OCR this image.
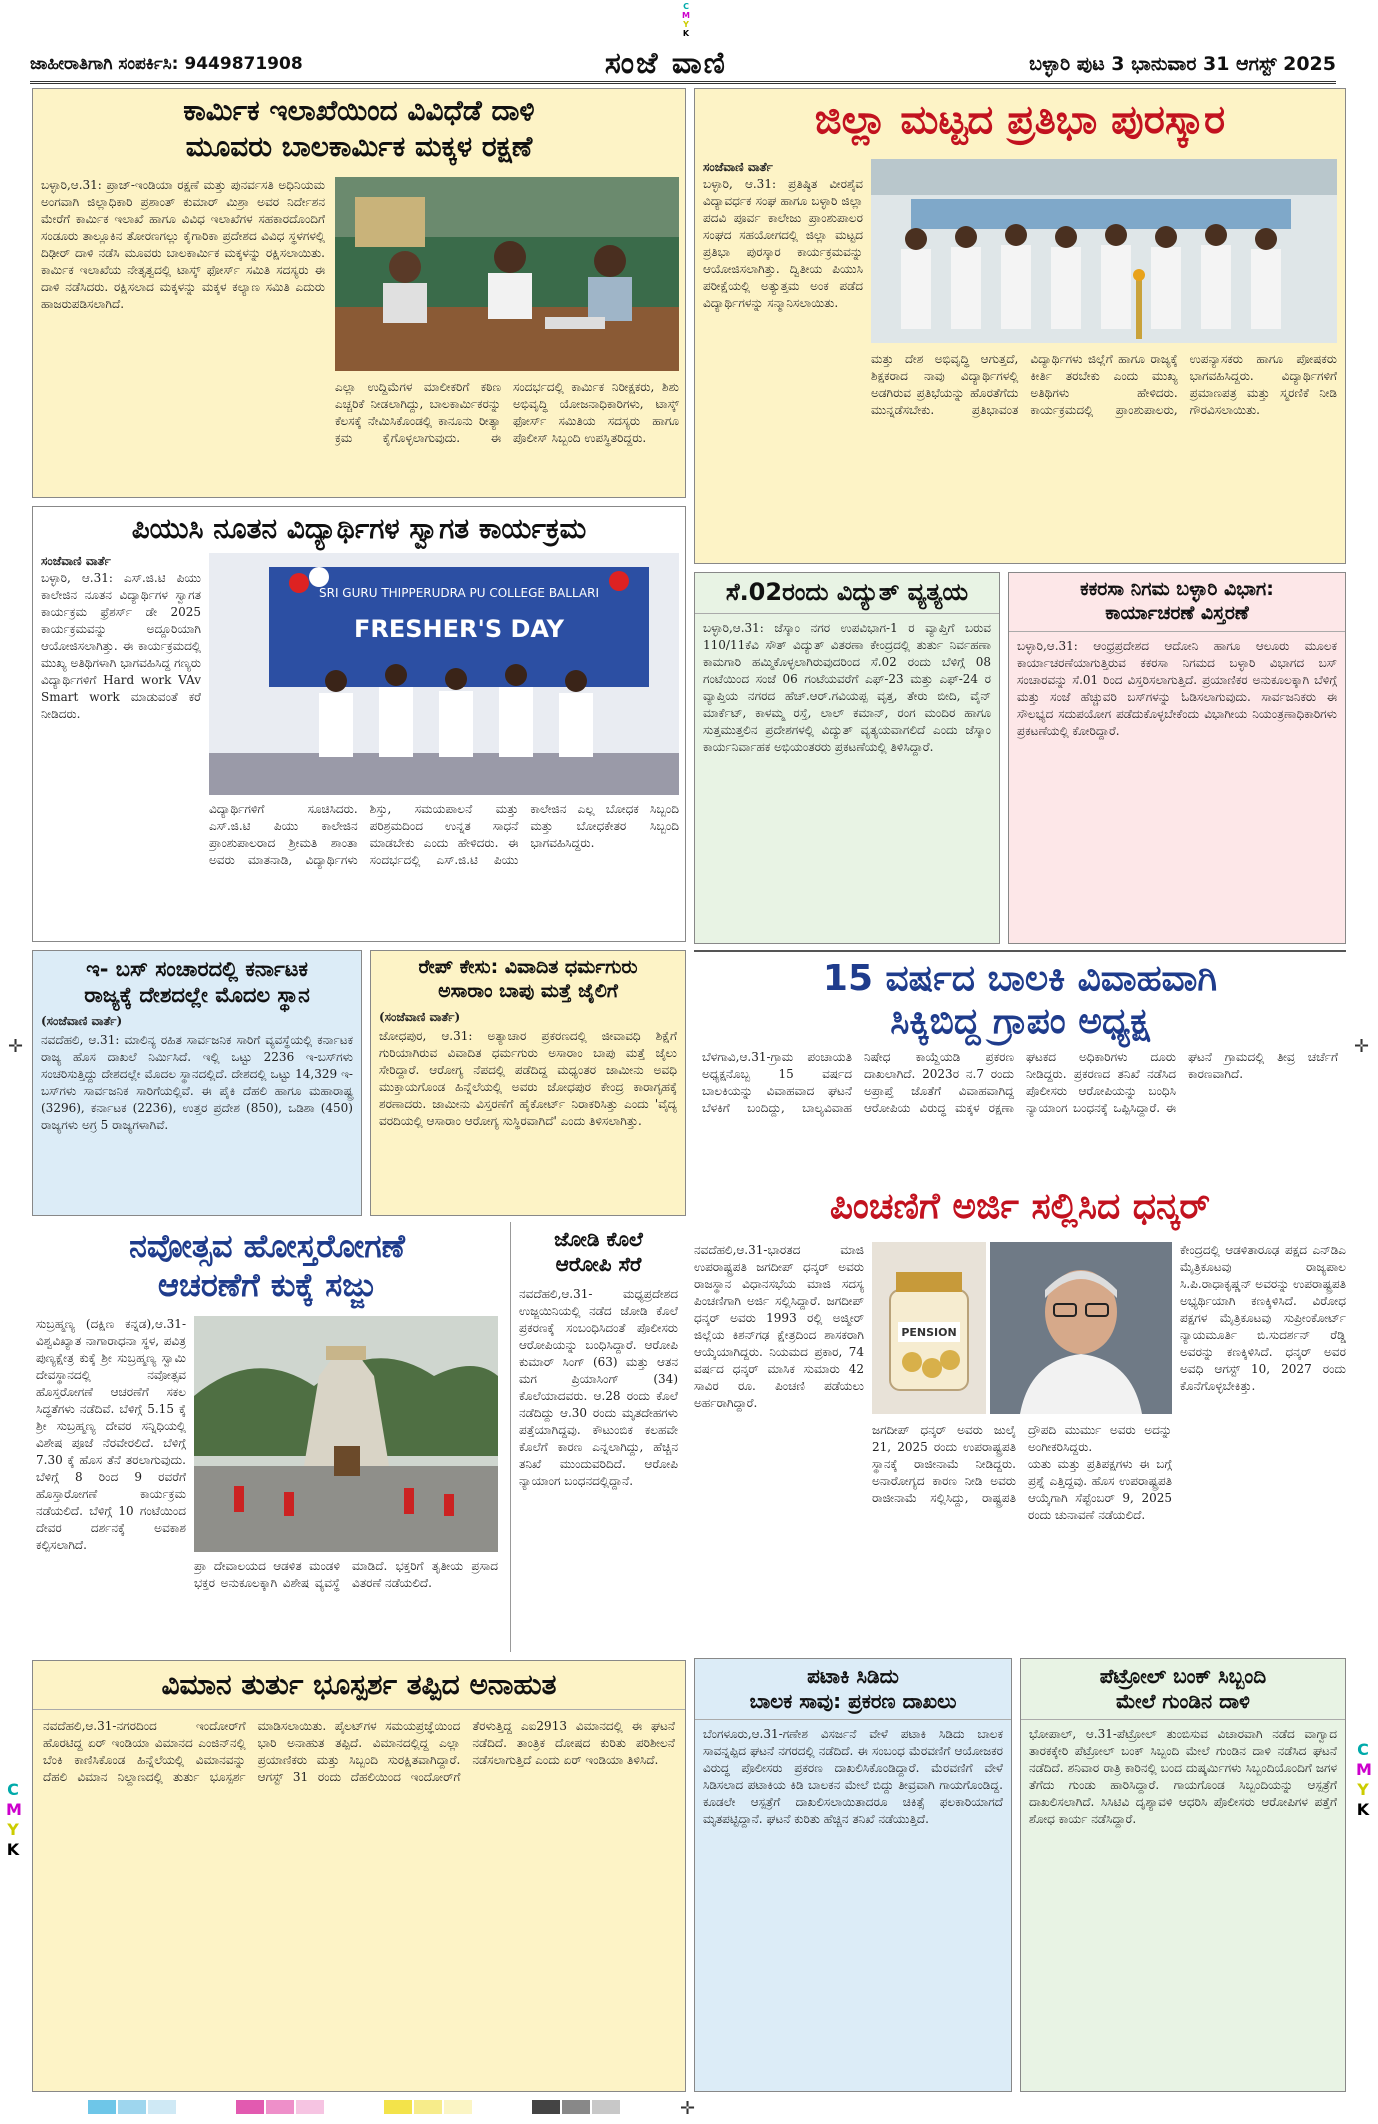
C
M
Y
K
C
M
Y
K
C
M
Y
K
✛	✛
✛
ಜಾಹೀರಾತಿಗಾಗಿ ಸಂಪರ್ಕಿಸಿ: 9449871908	ಸಂಜೆ ವಾಣಿ	ಬಳ್ಳಾರಿ ಪುಟ 3 ಭಾನುವಾರ 31 ಆಗಸ್ಟ್ 2025
ಕಾರ್ಮಿಕ ಇಲಾಖೆಯಿಂದ ವಿವಿಧೆಡೆ ದಾಳಿ
ಮೂವರು ಬಾಲಕಾರ್ಮಿಕ ಮಕ್ಕಳ ರಕ್ಷಣೆ
ಬಳ್ಳಾರಿ,ಆ.31: ಪ್ರಾಜ್-ಇಂಡಿಯಾ ರಕ್ಷಣೆ ಮತ್ತು ಪುನರ್ವಸತಿ ಅಧಿನಿಯಮ ಅಂಗವಾಗಿ ಜಿಲ್ಲಾಧಿಕಾರಿ ಪ್ರಶಾಂತ್ ಕುಮಾರ್ ಮಿಶ್ರಾ ಅವರ ನಿರ್ದೇಶನ ಮೇರೆಗೆ ಕಾರ್ಮಿಕ ಇಲಾಖೆ ಹಾಗೂ ವಿವಿಧ ಇಲಾಖೆಗಳ ಸಹಕಾರದೊಂದಿಗೆ ಸಂಡೂರು ತಾಲ್ಲೂಕಿನ ತೋರಣಗಲ್ಲು ಕೈಗಾರಿಕಾ ಪ್ರದೇಶದ ವಿವಿಧ ಸ್ಥಳಗಳಲ್ಲಿ ದಿಢೀರ್ ದಾಳಿ ನಡೆಸಿ ಮೂವರು ಬಾಲಕಾರ್ಮಿಕ ಮಕ್ಕಳನ್ನು ರಕ್ಷಿಸಲಾಯಿತು. ಕಾರ್ಮಿಕ ಇಲಾಖೆಯ ನೇತೃತ್ವದಲ್ಲಿ ಟಾಸ್ಕ್ ಫೋರ್ಸ್ ಸಮಿತಿ ಸದಸ್ಯರು ಈ ದಾಳಿ ನಡೆಸಿದರು. ರಕ್ಷಿಸಲಾದ ಮಕ್ಕಳನ್ನು ಮಕ್ಕಳ ಕಲ್ಯಾಣ ಸಮಿತಿ ಎದುರು ಹಾಜರುಪಡಿಸಲಾಗಿದೆ.
ಎಲ್ಲಾ ಉದ್ದಿಮೆಗಳ ಮಾಲೀಕರಿಗೆ ಕಠಿಣ ಎಚ್ಚರಿಕೆ ನೀಡಲಾಗಿದ್ದು, ಬಾಲಕಾರ್ಮಿಕರನ್ನು ಕೆಲಸಕ್ಕೆ ನೇಮಿಸಿಕೊಂಡಲ್ಲಿ ಕಾನೂನು ರೀತ್ಯಾ ಕ್ರಮ ಕೈಗೊಳ್ಳಲಾಗುವುದು. ಈ ಸಂದರ್ಭದಲ್ಲಿ ಕಾರ್ಮಿಕ ನಿರೀಕ್ಷಕರು, ಶಿಶು ಅಭಿವೃದ್ಧಿ ಯೋಜನಾಧಿಕಾರಿಗಳು, ಟಾಸ್ಕ್ ಫೋರ್ಸ್ ಸಮಿತಿಯ ಸದಸ್ಯರು ಹಾಗೂ ಪೊಲೀಸ್ ಸಿಬ್ಬಂದಿ ಉಪಸ್ಥಿತರಿದ್ದರು.
ಜಿಲ್ಲಾ ಮಟ್ಟದ ಪ್ರತಿಭಾ ಪುರಸ್ಕಾರ
ಸಂಜೆವಾಣಿ ವಾರ್ತೆ
ಬಳ್ಳಾರಿ, ಆ.31: ಪ್ರತಿಷ್ಠಿತ ವೀರಶೈವ ವಿದ್ಯಾವರ್ಧಕ ಸಂಘ ಹಾಗೂ ಬಳ್ಳಾರಿ ಜಿಲ್ಲಾ ಪದವಿ ಪೂರ್ವ ಕಾಲೇಜು ಪ್ರಾಂಶುಪಾಲರ ಸಂಘದ ಸಹಯೋಗದಲ್ಲಿ ಜಿಲ್ಲಾ ಮಟ್ಟದ ಪ್ರತಿಭಾ ಪುರಸ್ಕಾರ ಕಾರ್ಯಕ್ರಮವನ್ನು ಆಯೋಜಿಸಲಾಗಿತ್ತು. ದ್ವಿತೀಯ ಪಿಯುಸಿ ಪರೀಕ್ಷೆಯಲ್ಲಿ ಅತ್ಯುತ್ತಮ ಅಂಕ ಪಡೆದ ವಿದ್ಯಾರ್ಥಿಗಳನ್ನು ಸನ್ಮಾನಿಸಲಾಯಿತು.
ಮತ್ತು ದೇಶ ಅಭಿವೃದ್ಧಿ ಆಗುತ್ತದೆ, ಶಿಕ್ಷಕರಾದ ನಾವು ವಿದ್ಯಾರ್ಥಿಗಳಲ್ಲಿ ಅಡಗಿರುವ ಪ್ರತಿಭೆಯನ್ನು ಹೊರತೆಗೆದು ಮುನ್ನಡೆಸಬೇಕು. ಪ್ರತಿಭಾವಂತ ವಿದ್ಯಾರ್ಥಿಗಳು ಜಿಲ್ಲೆಗೆ ಹಾಗೂ ರಾಜ್ಯಕ್ಕೆ ಕೀರ್ತಿ ತರಬೇಕು ಎಂದು ಮುಖ್ಯ ಅತಿಥಿಗಳು ಹೇಳಿದರು. ಕಾರ್ಯಕ್ರಮದಲ್ಲಿ ಪ್ರಾಂಶುಪಾಲರು, ಉಪನ್ಯಾಸಕರು ಹಾಗೂ ಪೋಷಕರು ಭಾಗವಹಿಸಿದ್ದರು. ವಿದ್ಯಾರ್ಥಿಗಳಿಗೆ ಪ್ರಮಾಣಪತ್ರ ಮತ್ತು ಸ್ಮರಣಿಕೆ ನೀಡಿ ಗೌರವಿಸಲಾಯಿತು.
ಪಿಯುಸಿ ನೂತನ ವಿದ್ಯಾರ್ಥಿಗಳ ಸ್ವಾಗತ ಕಾರ್ಯಕ್ರಮ
ಸಂಜೆವಾಣಿ ವಾರ್ತೆ
ಬಳ್ಳಾರಿ, ಆ.31: ಎಸ್.ಜಿ.ಟಿ ಪಿಯು ಕಾಲೇಜಿನ ನೂತನ ವಿದ್ಯಾರ್ಥಿಗಳ ಸ್ವಾಗತ ಕಾರ್ಯಕ್ರಮ ಫ್ರೆಶರ್ಸ್ ಡೇ 2025 ಕಾರ್ಯಕ್ರಮವನ್ನು ಅದ್ದೂರಿಯಾಗಿ ಆಯೋಜಿಸಲಾಗಿತ್ತು. ಈ ಕಾರ್ಯಕ್ರಮದಲ್ಲಿ ಮುಖ್ಯ ಅತಿಥಿಗಳಾಗಿ ಭಾಗವಹಿಸಿದ್ದ ಗಣ್ಯರು ವಿದ್ಯಾರ್ಥಿಗಳಿಗೆ Hard work VAv Smart work ಮಾಡುವಂತೆ ಕರೆ ನೀಡಿದರು.
SRI GURU THIPPERUDRA PU COLLEGE BALLARI
FRESHER'S DAY
ವಿದ್ಯಾರ್ಥಿಗಳಿಗೆ ಸೂಚಿಸಿದರು. ಎಸ್.ಜಿ.ಟಿ ಪಿಯು ಕಾಲೇಜಿನ ಪ್ರಾಂಶುಪಾಲರಾದ ಶ್ರೀಮತಿ ಶಾಂತಾ ಅವರು ಮಾತನಾಡಿ, ವಿದ್ಯಾರ್ಥಿಗಳು ಶಿಸ್ತು, ಸಮಯಪಾಲನೆ ಮತ್ತು ಪರಿಶ್ರಮದಿಂದ ಉನ್ನತ ಸಾಧನೆ ಮಾಡಬೇಕು ಎಂದು ಹೇಳಿದರು. ಈ ಸಂದರ್ಭದಲ್ಲಿ ಎಸ್.ಜಿ.ಟಿ ಪಿಯು ಕಾಲೇಜಿನ ಎಲ್ಲ ಬೋಧಕ ಸಿಬ್ಬಂದಿ ಮತ್ತು ಬೋಧಕೇತರ ಸಿಬ್ಬಂದಿ ಭಾಗವಹಿಸಿದ್ದರು.
ಸೆ.02ರಂದು ವಿದ್ಯುತ್ ವ್ಯತ್ಯಯ
ಬಳ್ಳಾರಿ,ಆ.31: ಜೆಸ್ಕಾಂ ನಗರ ಉಪವಿಭಾಗ-1 ರ ವ್ಯಾಪ್ತಿಗೆ ಬರುವ 110/11ಕೆವಿ ಸೌತ್ ವಿದ್ಯುತ್ ವಿತರಣಾ ಕೇಂದ್ರದಲ್ಲಿ ತುರ್ತು ನಿರ್ವಹಣಾ ಕಾಮಗಾರಿ ಹಮ್ಮಿಕೊಳ್ಳಲಾಗಿರುವುದರಿಂದ ಸೆ.02 ರಂದು ಬೆಳಿಗ್ಗೆ 08 ಗಂಟೆಯಿಂದ ಸಂಜೆ 06 ಗಂಟೆಯವರೆಗೆ ಎಫ್-23 ಮತ್ತು ಎಫ್-24 ರ ವ್ಯಾಪ್ತಿಯ ನಗರದ ಹೆಚ್.ಆರ್.ಗವಿಯಪ್ಪ ವೃತ್ತ, ತೇರು ಬೀದಿ, ವೈನ್ ಮಾರ್ಕೆಟ್, ಕಾಳಮ್ಮ ರಸ್ತೆ, ಲಾಲ್ ಕಮಾನ್, ರಂಗ ಮಂದಿರ ಹಾಗೂ ಸುತ್ತಮುತ್ತಲಿನ ಪ್ರದೇಶಗಳಲ್ಲಿ ವಿದ್ಯುತ್ ವ್ಯತ್ಯಯವಾಗಲಿದೆ ಎಂದು ಜೆಸ್ಕಾಂ ಕಾರ್ಯನಿರ್ವಾಹಕ ಅಭಿಯಂತರರು ಪ್ರಕಟಣೆಯಲ್ಲಿ ತಿಳಿಸಿದ್ದಾರೆ.
ಕಕರಸಾ ನಿಗಮ ಬಳ್ಳಾರಿ ವಿಭಾಗ:
ಕಾರ್ಯಾಚರಣೆ ವಿಸ್ತರಣೆ
ಬಳ್ಳಾರಿ,ಆ.31: ಆಂಧ್ರಪ್ರದೇಶದ ಆದೋನಿ ಹಾಗೂ ಆಲೂರು ಮೂಲಕ ಕಾರ್ಯಾಚರಣೆಯಾಗುತ್ತಿರುವ ಕಕರಸಾ ನಿಗಮದ ಬಳ್ಳಾರಿ ವಿಭಾಗದ ಬಸ್ ಸಂಚಾರವನ್ನು ಸೆ.01 ರಿಂದ ವಿಸ್ತರಿಸಲಾಗುತ್ತಿದೆ. ಪ್ರಯಾಣಿಕರ ಅನುಕೂಲಕ್ಕಾಗಿ ಬೆಳಿಗ್ಗೆ ಮತ್ತು ಸಂಜೆ ಹೆಚ್ಚುವರಿ ಬಸ್‌ಗಳನ್ನು ಓಡಿಸಲಾಗುವುದು. ಸಾರ್ವಜನಿಕರು ಈ ಸೌಲಭ್ಯದ ಸದುಪಯೋಗ ಪಡೆದುಕೊಳ್ಳಬೇಕೆಂದು ವಿಭಾಗೀಯ ನಿಯಂತ್ರಣಾಧಿಕಾರಿಗಳು ಪ್ರಕಟಣೆಯಲ್ಲಿ ಕೋರಿದ್ದಾರೆ.
15 ವರ್ಷದ ಬಾಲಕಿ ವಿವಾಹವಾಗಿ
ಸಿಕ್ಕಿಬಿದ್ದ ಗ್ರಾಪಂ ಅಧ್ಯಕ್ಷ
ಬೆಳಗಾವಿ,ಆ.31-ಗ್ರಾಮ ಪಂಚಾಯತಿ ಅಧ್ಯಕ್ಷನೊಬ್ಬ 15 ವರ್ಷದ ಬಾಲಕಿಯನ್ನು ವಿವಾಹವಾದ ಘಟನೆ ಬೆಳಕಿಗೆ ಬಂದಿದ್ದು, ಬಾಲ್ಯವಿವಾಹ ನಿಷೇಧ ಕಾಯ್ದೆಯಡಿ ಪ್ರಕರಣ ದಾಖಲಾಗಿದೆ. 2023ರ ನ.7 ರಂದು ಅಪ್ರಾಪ್ತೆ ಜೊತೆಗೆ ವಿವಾಹವಾಗಿದ್ದ ಆರೋಪಿಯ ವಿರುದ್ಧ ಮಕ್ಕಳ ರಕ್ಷಣಾ ಘಟಕದ ಅಧಿಕಾರಿಗಳು ದೂರು ನೀಡಿದ್ದರು. ಪ್ರಕರಣದ ತನಿಖೆ ನಡೆಸಿದ ಪೊಲೀಸರು ಆರೋಪಿಯನ್ನು ಬಂಧಿಸಿ ನ್ಯಾಯಾಂಗ ಬಂಧನಕ್ಕೆ ಒಪ್ಪಿಸಿದ್ದಾರೆ. ಈ ಘಟನೆ ಗ್ರಾಮದಲ್ಲಿ ತೀವ್ರ ಚರ್ಚೆಗೆ ಕಾರಣವಾಗಿದೆ.
ಇ- ಬಸ್ ಸಂಚಾರದಲ್ಲಿ ಕರ್ನಾಟಕ
ರಾಜ್ಯಕ್ಕೆ ದೇಶದಲ್ಲೇ ಮೊದಲ ಸ್ಥಾನ
(ಸಂಜೆವಾಣಿ ವಾರ್ತೆ)
ನವದೆಹಲಿ, ಆ.31: ಮಾಲಿನ್ಯ ರಹಿತ ಸಾರ್ವಜನಿಕ ಸಾರಿಗೆ ವ್ಯವಸ್ಥೆಯಲ್ಲಿ ಕರ್ನಾಟಕ ರಾಜ್ಯ ಹೊಸ ದಾಖಲೆ ನಿರ್ಮಿಸಿದೆ. ಇಲ್ಲಿ ಒಟ್ಟು 2236 ಇ-ಬಸ್‌ಗಳು ಸಂಚರಿಸುತ್ತಿದ್ದು ದೇಶದಲ್ಲೇ ಮೊದಲ ಸ್ಥಾನದಲ್ಲಿದೆ. ದೇಶದಲ್ಲಿ ಒಟ್ಟು 14,329 ಇ-ಬಸ್‌ಗಳು ಸಾರ್ವಜನಿಕ ಸಾರಿಗೆಯಲ್ಲಿವೆ. ಈ ಪೈಕಿ ದೆಹಲಿ ಹಾಗೂ ಮಹಾರಾಷ್ಟ್ರ (3296), ಕರ್ನಾಟಕ (2236), ಉತ್ತರ ಪ್ರದೇಶ (850), ಒಡಿಶಾ (450) ರಾಜ್ಯಗಳು ಅಗ್ರ 5 ರಾಜ್ಯಗಳಾಗಿವೆ.
ರೇಪ್ ಕೇಸು: ವಿವಾದಿತ ಧರ್ಮಗುರು
ಅಸಾರಾಂ ಬಾಪು ಮತ್ತೆ ಜೈಲಿಗೆ
(ಸಂಜೆವಾಣಿ ವಾರ್ತೆ)
ಜೋಧಪುರ, ಆ.31: ಅತ್ಯಾಚಾರ ಪ್ರಕರಣದಲ್ಲಿ ಜೀವಾವಧಿ ಶಿಕ್ಷೆಗೆ ಗುರಿಯಾಗಿರುವ ವಿವಾದಿತ ಧರ್ಮಗುರು ಅಸಾರಾಂ ಬಾಪು ಮತ್ತೆ ಜೈಲು ಸೇರಿದ್ದಾರೆ. ಆರೋಗ್ಯ ನೆಪದಲ್ಲಿ ಪಡೆದಿದ್ದ ಮಧ್ಯಂತರ ಜಾಮೀನು ಅವಧಿ ಮುಕ್ತಾಯಗೊಂಡ ಹಿನ್ನೆಲೆಯಲ್ಲಿ ಅವರು ಜೋಧಪುರ ಕೇಂದ್ರ ಕಾರಾಗೃಹಕ್ಕೆ ಶರಣಾದರು. ಜಾಮೀನು ವಿಸ್ತರಣೆಗೆ ಹೈಕೋರ್ಟ್ ನಿರಾಕರಿಸಿತ್ತು ಎಂದು 'ವೈದ್ಯ ವರದಿಯಲ್ಲಿ ಆಸಾರಾಂ ಆರೋಗ್ಯ ಸುಸ್ಥಿರವಾಗಿದೆ' ಎಂದು ತಿಳಿಸಲಾಗಿತ್ತು.
ನವೋತ್ಸವ ಹೋಸ್ತರೋಗಣೆ
ಆಚರಣೆಗೆ ಕುಕ್ಕೆ ಸಜ್ಜು
ಸುಬ್ರಹ್ಮಣ್ಯ (ದಕ್ಷಿಣ ಕನ್ನಡ),ಆ.31-ವಿಶ್ವವಿಖ್ಯಾತ ನಾಗಾರಾಧನಾ ಸ್ಥಳ, ಪವಿತ್ರ ಪುಣ್ಯಕ್ಷೇತ್ರ ಕುಕ್ಕೆ ಶ್ರೀ ಸುಬ್ರಹ್ಮಣ್ಯ ಸ್ವಾಮಿ ದೇವಸ್ಥಾನದಲ್ಲಿ ನವೋತ್ಸವ ಹೊಸ್ತರೋಗಣೆ ಆಚರಣೆಗೆ ಸಕಲ ಸಿದ್ಧತೆಗಳು ನಡೆದಿವೆ. ಬೆಳಿಗ್ಗೆ 5.15 ಕ್ಕೆ ಶ್ರೀ ಸುಬ್ರಹ್ಮಣ್ಯ ದೇವರ ಸನ್ನಿಧಿಯಲ್ಲಿ ವಿಶೇಷ ಪೂಜೆ ನೆರವೇರಲಿದೆ. ಬೆಳಿಗ್ಗೆ 7.30 ಕ್ಕೆ ಹೊಸ ತೆನೆ ತರಲಾಗುವುದು. ಬೆಳಿಗ್ಗೆ 8 ರಿಂದ 9 ರವರೆಗೆ ಹೊಸ್ತಾರೋಗಣೆ ಕಾರ್ಯಕ್ರಮ ನಡೆಯಲಿದೆ. ಬೆಳಿಗ್ಗೆ 10 ಗಂಟೆಯಿಂದ ದೇವರ ದರ್ಶನಕ್ಕೆ ಅವಕಾಶ ಕಲ್ಪಿಸಲಾಗಿದೆ.
ಪ್ರಾ ದೇವಾಲಯದ ಆಡಳಿತ ಮಂಡಳಿ ಭಕ್ತರ ಅನುಕೂಲಕ್ಕಾಗಿ ವಿಶೇಷ ವ್ಯವಸ್ಥೆ ಮಾಡಿದೆ. ಭಕ್ತರಿಗೆ ತೃತೀಯ ಪ್ರಸಾದ ವಿತರಣೆ ನಡೆಯಲಿದೆ.
ಜೋಡಿ ಕೊಲೆ
ಆರೋಪಿ ಸೆರೆ
ನವದೆಹಲಿ,ಆ.31- ಮಧ್ಯಪ್ರದೇಶದ ಉಜ್ಜಯಿನಿಯಲ್ಲಿ ನಡೆದ ಜೋಡಿ ಕೊಲೆ ಪ್ರಕರಣಕ್ಕೆ ಸಂಬಂಧಿಸಿದಂತೆ ಪೊಲೀಸರು ಆರೋಪಿಯನ್ನು ಬಂಧಿಸಿದ್ದಾರೆ. ಆರೋಪಿ ಕುಮಾರ್ ಸಿಂಗ್ (63) ಮತ್ತು ಆತನ ಮಗ ಪ್ರಿಯಾಸಿಂಗ್ (34) ಕೊಲೆಯಾದವರು. ಆ.28 ರಂದು ಕೊಲೆ ನಡೆದಿದ್ದು ಆ.30 ರಂದು ಮೃತದೇಹಗಳು ಪತ್ತೆಯಾಗಿದ್ದವು. ಕೌಟುಂಬಿಕ ಕಲಹವೇ ಕೊಲೆಗೆ ಕಾರಣ ಎನ್ನಲಾಗಿದ್ದು, ಹೆಚ್ಚಿನ ತನಿಖೆ ಮುಂದುವರಿದಿದೆ. ಆರೋಪಿ ನ್ಯಾಯಾಂಗ ಬಂಧನದಲ್ಲಿದ್ದಾನೆ.
ಪಿಂಚಣಿಗೆ ಅರ್ಜಿ ಸಲ್ಲಿಸಿದ ಧನ್ಕರ್
ನವದೆಹಲಿ,ಆ.31-ಭಾರತದ ಮಾಜಿ ಉಪರಾಷ್ಟ್ರಪತಿ ಜಗದೀಪ್ ಧನ್ಕರ್ ಅವರು ರಾಜಸ್ಥಾನ ವಿಧಾನಸಭೆಯ ಮಾಜಿ ಸದಸ್ಯ ಪಿಂಚಣಿಗಾಗಿ ಅರ್ಜಿ ಸಲ್ಲಿಸಿದ್ದಾರೆ. ಜಗದೀಪ್ ಧನ್ಕರ್ ಅವರು 1993 ರಲ್ಲಿ ಅಜ್ಮೀರ್ ಜಿಲ್ಲೆಯ ಕಿಶನ್‌ಗಢ ಕ್ಷೇತ್ರದಿಂದ ಶಾಸಕರಾಗಿ ಆಯ್ಕೆಯಾಗಿದ್ದರು. ನಿಯಮದ ಪ್ರಕಾರ, 74 ವರ್ಷದ ಧನ್ಕರ್ ಮಾಸಿಕ ಸುಮಾರು 42 ಸಾವಿರ ರೂ. ಪಿಂಚಣಿ ಪಡೆಯಲು ಅರ್ಹರಾಗಿದ್ದಾರೆ.
PENSION
ಕೇಂದ್ರದಲ್ಲಿ ಆಡಳಿತಾರೂಢ ಪಕ್ಷದ ಎನ್‌ಡಿಎ ಮೈತ್ರಿಕೂಟವು ರಾಜ್ಯಪಾಲ ಸಿ.ಪಿ.ರಾಧಾಕೃಷ್ಣನ್ ಅವರನ್ನು ಉಪರಾಷ್ಟ್ರಪತಿ ಅಭ್ಯರ್ಥಿಯಾಗಿ ಕಣಕ್ಕಿಳಿಸಿದೆ. ವಿರೋಧ ಪಕ್ಷಗಳ ಮೈತ್ರಿಕೂಟವು ಸುಪ್ರೀಂಕೋರ್ಟ್ ನ್ಯಾಯಮೂರ್ತಿ ಬಿ.ಸುದರ್ಶನ್ ರೆಡ್ಡಿ ಅವರನ್ನು ಕಣಕ್ಕಿಳಿಸಿದೆ. ಧನ್ಕರ್ ಅವರ ಅವಧಿ ಆಗಸ್ಟ್ 10, 2027 ರಂದು ಕೊನೆಗೊಳ್ಳಬೇಕಿತ್ತು.
ಜಗದೀಪ್ ಧನ್ಕರ್ ಅವರು ಜುಲೈ 21, 2025 ರಂದು ಉಪರಾಷ್ಟ್ರಪತಿ ಸ್ಥಾನಕ್ಕೆ ರಾಜೀನಾಮೆ ನೀಡಿದ್ದರು. ಅನಾರೋಗ್ಯದ ಕಾರಣ ನೀಡಿ ಅವರು ರಾಜೀನಾಮೆ ಸಲ್ಲಿಸಿದ್ದು, ರಾಷ್ಟ್ರಪತಿ ದ್ರೌಪದಿ ಮುರ್ಮು ಅವರು ಅದನ್ನು ಅಂಗೀಕರಿಸಿದ್ದರು.
ಯತು ಮತ್ತು ಪ್ರತಿಪಕ್ಷಗಳು ಈ ಬಗ್ಗೆ ಪ್ರಶ್ನೆ ಎತ್ತಿದ್ದವು. ಹೊಸ ಉಪರಾಷ್ಟ್ರಪತಿ ಆಯ್ಕೆಗಾಗಿ ಸೆಪ್ಟೆಂಬರ್ 9, 2025 ರಂದು ಚುನಾವಣೆ ನಡೆಯಲಿದೆ.
ಪಟಾಕಿ ಸಿಡಿದು
ಬಾಲಕ ಸಾವು: ಪ್ರಕರಣ ದಾಖಲು
ಬೆಂಗಳೂರು,ಆ.31-ಗಣೇಶ ವಿಸರ್ಜನೆ ವೇಳೆ ಪಟಾಕಿ ಸಿಡಿದು ಬಾಲಕ ಸಾವನ್ನಪ್ಪಿದ ಘಟನೆ ನಗರದಲ್ಲಿ ನಡೆದಿದೆ. ಈ ಸಂಬಂಧ ಮೆರವಣಿಗೆ ಆಯೋಜಕರ ವಿರುದ್ಧ ಪೊಲೀಸರು ಪ್ರಕರಣ ದಾಖಲಿಸಿಕೊಂಡಿದ್ದಾರೆ. ಮೆರವಣಿಗೆ ವೇಳೆ ಸಿಡಿಸಲಾದ ಪಟಾಕಿಯ ಕಿಡಿ ಬಾಲಕನ ಮೇಲೆ ಬಿದ್ದು ತೀವ್ರವಾಗಿ ಗಾಯಗೊಂಡಿದ್ದ. ಕೂಡಲೇ ಆಸ್ಪತ್ರೆಗೆ ದಾಖಲಿಸಲಾಯಿತಾದರೂ ಚಿಕಿತ್ಸೆ ಫಲಕಾರಿಯಾಗದೆ ಮೃತಪಟ್ಟಿದ್ದಾನೆ. ಘಟನೆ ಕುರಿತು ಹೆಚ್ಚಿನ ತನಿಖೆ ನಡೆಯುತ್ತಿದೆ.
ಪೆಟ್ರೋಲ್ ಬಂಕ್ ಸಿಬ್ಬಂದಿ
ಮೇಲೆ ಗುಂಡಿನ ದಾಳಿ
ಭೋಪಾಲ್, ಆ.31-ಪೆಟ್ರೋಲ್ ತುಂಬಿಸುವ ವಿಚಾರವಾಗಿ ನಡೆದ ವಾಗ್ವಾದ ತಾರಕಕ್ಕೇರಿ ಪೆಟ್ರೋಲ್ ಬಂಕ್ ಸಿಬ್ಬಂದಿ ಮೇಲೆ ಗುಂಡಿನ ದಾಳಿ ನಡೆಸಿದ ಘಟನೆ ನಡೆದಿದೆ. ಶನಿವಾರ ರಾತ್ರಿ ಕಾರಿನಲ್ಲಿ ಬಂದ ದುಷ್ಕರ್ಮಿಗಳು ಸಿಬ್ಬಂದಿಯೊಂದಿಗೆ ಜಗಳ ತೆಗೆದು ಗುಂಡು ಹಾರಿಸಿದ್ದಾರೆ. ಗಾಯಗೊಂಡ ಸಿಬ್ಬಂದಿಯನ್ನು ಆಸ್ಪತ್ರೆಗೆ ದಾಖಲಿಸಲಾಗಿದೆ. ಸಿಸಿಟಿವಿ ದೃಶ್ಯಾವಳಿ ಆಧರಿಸಿ ಪೊಲೀಸರು ಆರೋಪಿಗಳ ಪತ್ತೆಗೆ ಶೋಧ ಕಾರ್ಯ ನಡೆಸಿದ್ದಾರೆ.
ವಿಮಾನ ತುರ್ತು ಭೂಸ್ಪರ್ಶ ತಪ್ಪಿದ ಅನಾಹುತ
ನವದೆಹಲಿ,ಆ.31-ನಗರದಿಂದ ಇಂದೋರ್‌ಗೆ ಹೊರಟಿದ್ದ ಏರ್ ಇಂಡಿಯಾ ವಿಮಾನದ ಎಂಜಿನ್‌ನಲ್ಲಿ ಬೆಂಕಿ ಕಾಣಿಸಿಕೊಂಡ ಹಿನ್ನೆಲೆಯಲ್ಲಿ ವಿಮಾನವನ್ನು ದೆಹಲಿ ವಿಮಾನ ನಿಲ್ದಾಣದಲ್ಲಿ ತುರ್ತು ಭೂಸ್ಪರ್ಶ ಮಾಡಿಸಲಾಯಿತು. ಪೈಲಟ್‌ಗಳ ಸಮಯಪ್ರಜ್ಞೆಯಿಂದ ಭಾರಿ ಅನಾಹುತ ತಪ್ಪಿದೆ. ವಿಮಾನದಲ್ಲಿದ್ದ ಎಲ್ಲಾ ಪ್ರಯಾಣಿಕರು ಮತ್ತು ಸಿಬ್ಬಂದಿ ಸುರಕ್ಷಿತವಾಗಿದ್ದಾರೆ. ಆಗಸ್ಟ್ 31 ರಂದು ದೆಹಲಿಯಿಂದ ಇಂದೋರ್‌ಗೆ ತೆರಳುತ್ತಿದ್ದ ಎಐ2913 ವಿಮಾನದಲ್ಲಿ ಈ ಘಟನೆ ನಡೆದಿದೆ. ತಾಂತ್ರಿಕ ದೋಷದ ಕುರಿತು ಪರಿಶೀಲನೆ ನಡೆಸಲಾಗುತ್ತಿದೆ ಎಂದು ಏರ್ ಇಂಡಿಯಾ ತಿಳಿಸಿದೆ.
